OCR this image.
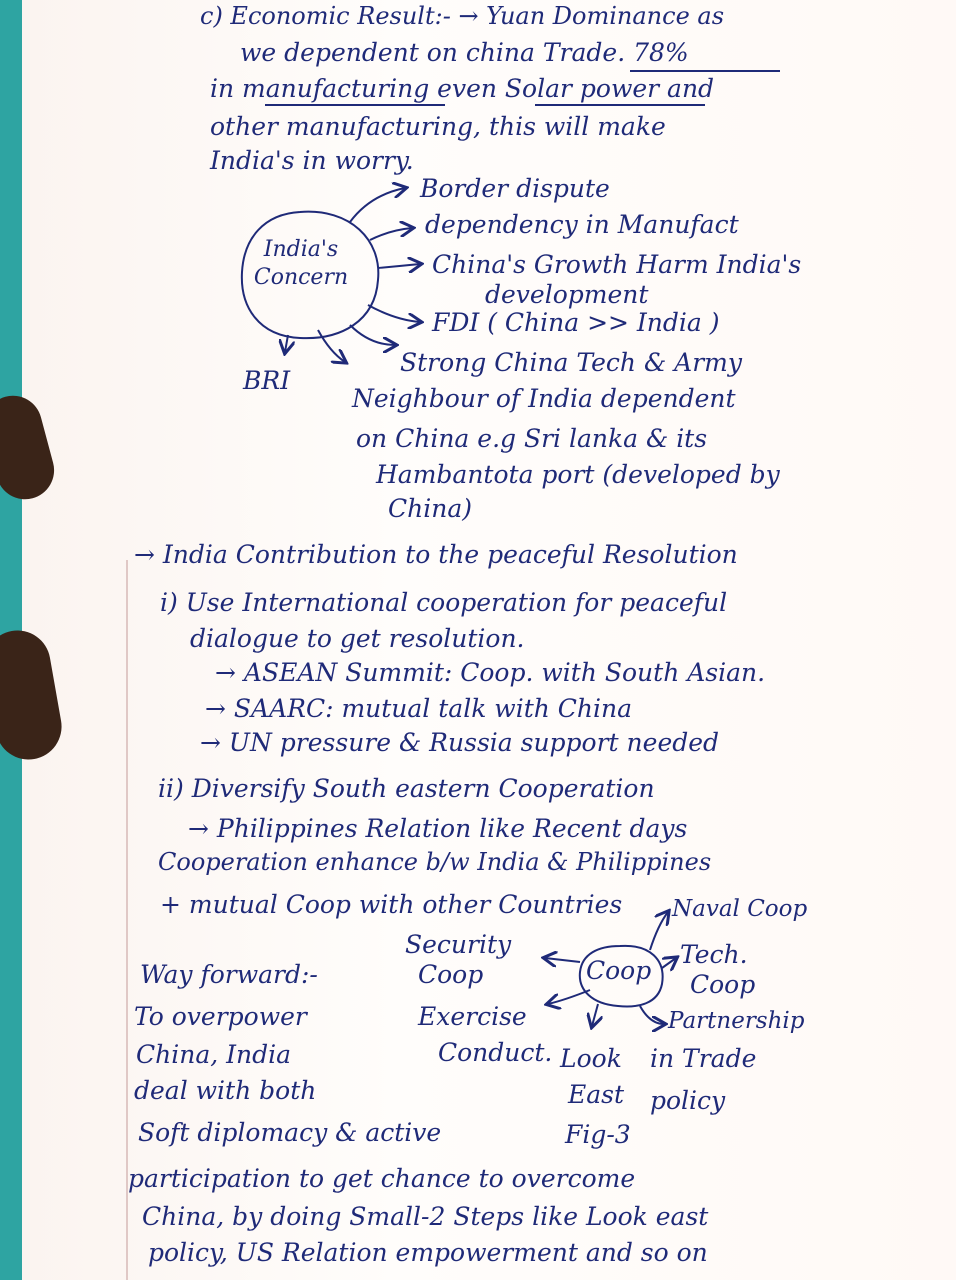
c) Economic Result:- → Yuan Dominance as
we dependent on china Trade. 78%
in manufacturing even Solar power and
other manufacturing, this will make
India's in worry.
India's Concern
Border dispute
dependency in Manufact
China's Growth Harm India's
development
FDI ( China >> India )
BRI
Strong China Tech & Army
Neighbour of India dependent
on China e.g Sri lanka & its
Hambantota port (developed by
China)
→ India Contribution to the peaceful Resolution
i) Use International cooperation for peaceful
dialogue to get resolution.
→ ASEAN Summit: Coop. with South Asian.
→ SAARC: mutual talk with China
→ UN pressure & Russia support needed
ii) Diversify South eastern Cooperation
→ Philippines Relation like Recent days
Cooperation enhance b/w India & Philippines
+ mutual Coop with other Countries
Coop
Naval Coop
Tech.
Coop
Partnership
in Trade
Security
Coop
Exercise
Conduct. Look
East policy
Fig-3
Way forward:-
To overpower
China, India
deal with both
Soft diplomacy & active
participation to get chance to overcome
China, by doing Small-2 Steps like Look east
policy, US Relation empowerment and so on
